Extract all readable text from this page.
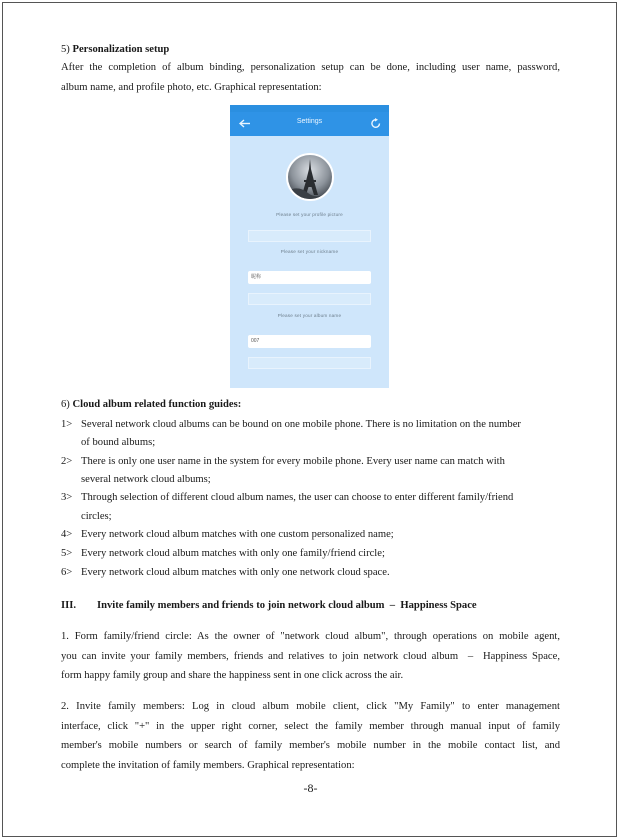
5) Personalization setup
After the completion of album binding, personalization setup can be done, including user name, password,
album name, and profile photo, etc. Graphical representation:
Settings
Please set your profile picture
Please set your nickname
昵称
Please set your album name
007
6) Cloud album related function guides:
1> Several network cloud albums can be bound on one mobile phone. There is no limitation on the number
of bound albums;
2> There is only one user name in the system for every mobile phone. Every user name can match with
several network cloud albums;
3> Through selection of different cloud album names, the user can choose to enter different family/friend
circles;
4> Every network cloud album matches with one custom personalized name;
5> Every network cloud album matches with only one family/friend circle;
6> Every network cloud album matches with only one network cloud space.
III. Invite family members and friends to join network cloud album  –  Happiness Space
1. Form family/friend circle: As the owner of "network cloud album", through operations on mobile agent,
you can invite your family members, friends and relatives to join network cloud album  –  Happiness Space,
form happy family group and share the happiness sent in one click across the air.
2. Invite family members: Log in cloud album mobile client, click "My Family" to enter management
interface, click "+" in the upper right corner, select the family member through manual input of family
member's mobile numbers or search of family member's mobile number in the mobile contact list, and
complete the invitation of family members. Graphical representation:
-8-
